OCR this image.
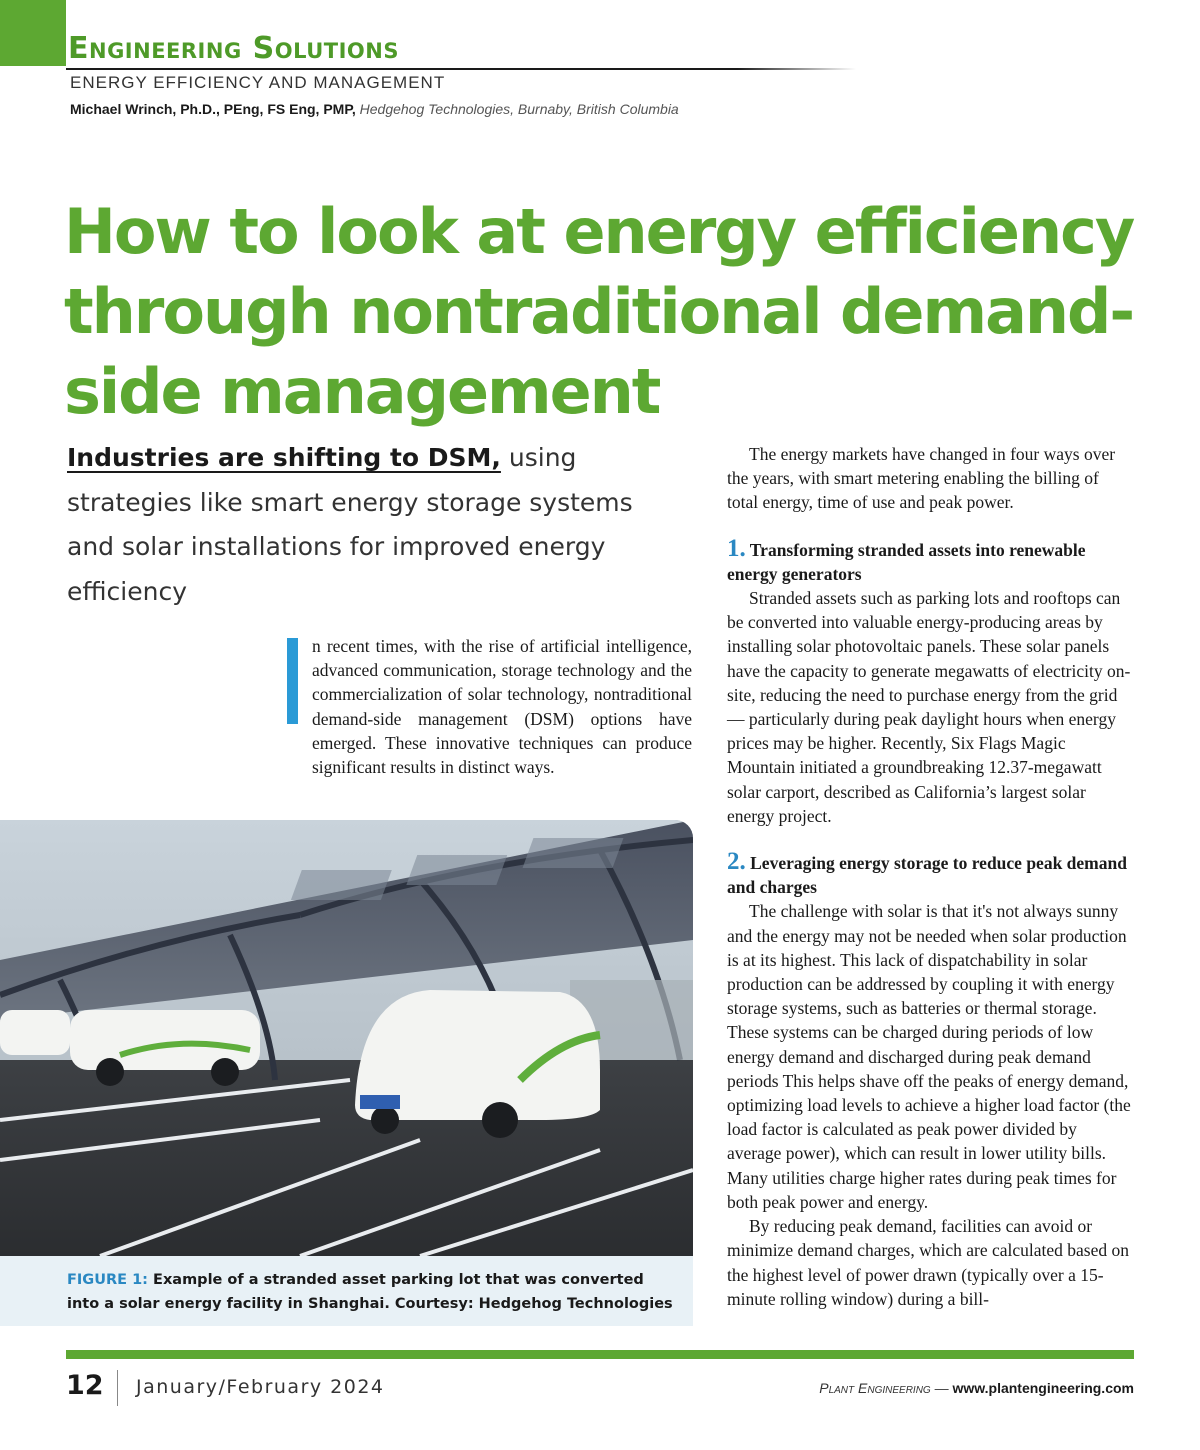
Engineering Solutions
ENERGY EFFICIENCY AND MANAGEMENT
Michael Wrinch, Ph.D., PEng, FS Eng, PMP, Hedgehog Technologies, Burnaby, British Columbia
How to look at energy efficiency through nontraditional demand-side management
Industries are shifting to DSM, using strategies like smart energy storage systems and solar installations for improved energy efficiency

n recent times, with the rise of artificial intelligence, advanced communication, storage technology and the commercialization of solar technology, nontraditional demand-side management (DSM) options have emerged. These innovative techniques can produce significant results in distinct ways.

FIGURE 1: Example of a stranded asset parking lot that was converted into a solar energy facility in Shanghai. Courtesy: Hedgehog Technologies

The energy markets have changed in four ways over the years, with smart metering enabling the billing of total energy, time of use and peak power.

1. Transforming stranded assets into renewable energy generators

Stranded assets such as parking lots and rooftops can be converted into valuable energy-producing areas by installing solar photovoltaic panels. These solar panels have the capacity to generate megawatts of electricity on-site, reducing the need to purchase energy from the grid — particularly during peak daylight hours when energy prices may be higher. Recently, Six Flags Magic Mountain initiated a groundbreaking 12.37-megawatt solar carport, described as California’s largest solar energy project.

2. Leveraging energy storage to reduce peak demand and charges

The challenge with solar is that it's not always sunny and the energy may not be needed when solar production is at its highest. This lack of dispatchability in solar production can be addressed by coupling it with energy storage systems, such as batteries or thermal storage. These systems can be charged during periods of low energy demand and discharged during peak demand periods This helps shave off the peaks of energy demand, optimizing load levels to achieve a higher load factor (the load factor is calculated as peak power divided by average power), which can result in lower utility bills. Many utilities charge higher rates during peak times for both peak power and energy.

By reducing peak demand, facilities can avoid or minimize demand charges, which are calculated based on the highest level of power drawn (typically over a 15-minute rolling window) during a bill-

12 January/February 2024	Plant Engineering — www.plantengineering.com
